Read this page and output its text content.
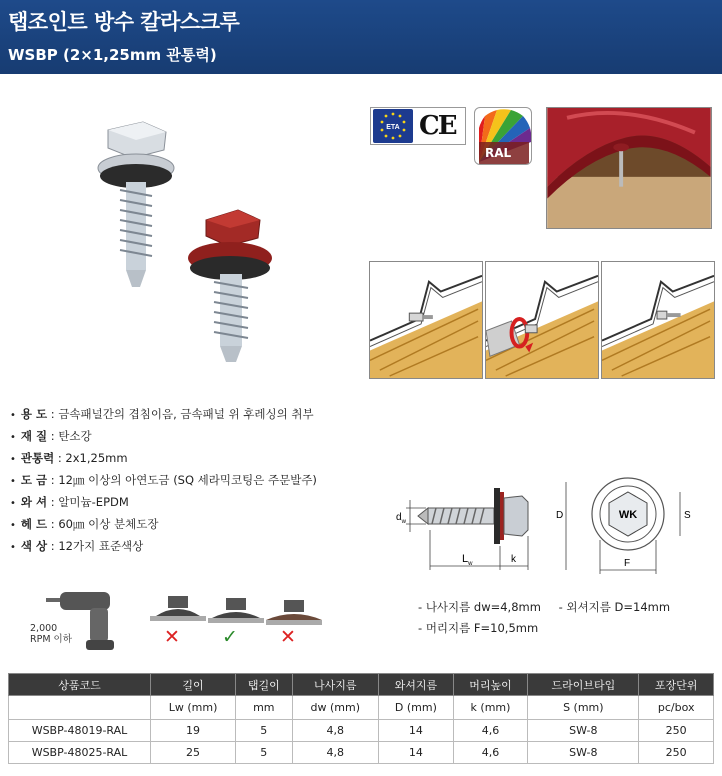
탭조인트 방수 칼라스크루
WSBP (2×1,25mm 관통력)
ETA CE
RAL
• 용 도 : 금속패널간의 겹침이음, 금속패널 위 후레싱의 취부
• 재 질 : 탄소강
• 관통력 : 2x1,25mm
• 도 금 : 12㎛ 이상의 아연도금 (SQ 세라믹코팅은 주문발주)
• 와 셔 : 알미늄-EPDM
• 헤 드 : 60㎛ 이상 분체도장
• 색 상 : 12가지 표준색상
2,000
RPM 이하	✕	✓	✕
$d_w$
$L_w$	k
D	WK	S
F
- 나사지름 dw=4,8mm - 외셔지름 D=14mm
- 머리지름 F=10,5mm
상품코드	길이	탭길이	나사지름	와셔지름	머리높이	드라이브타입	포장단위
	Lw (mm)	mm	dw (mm)	D (mm)	k (mm)	S (mm)	pc/box
WSBP-48019-RAL	19	5	4,8	14	4,6	SW-8	250
WSBP-48025-RAL	25	5	4,8	14	4,6	SW-8	250
